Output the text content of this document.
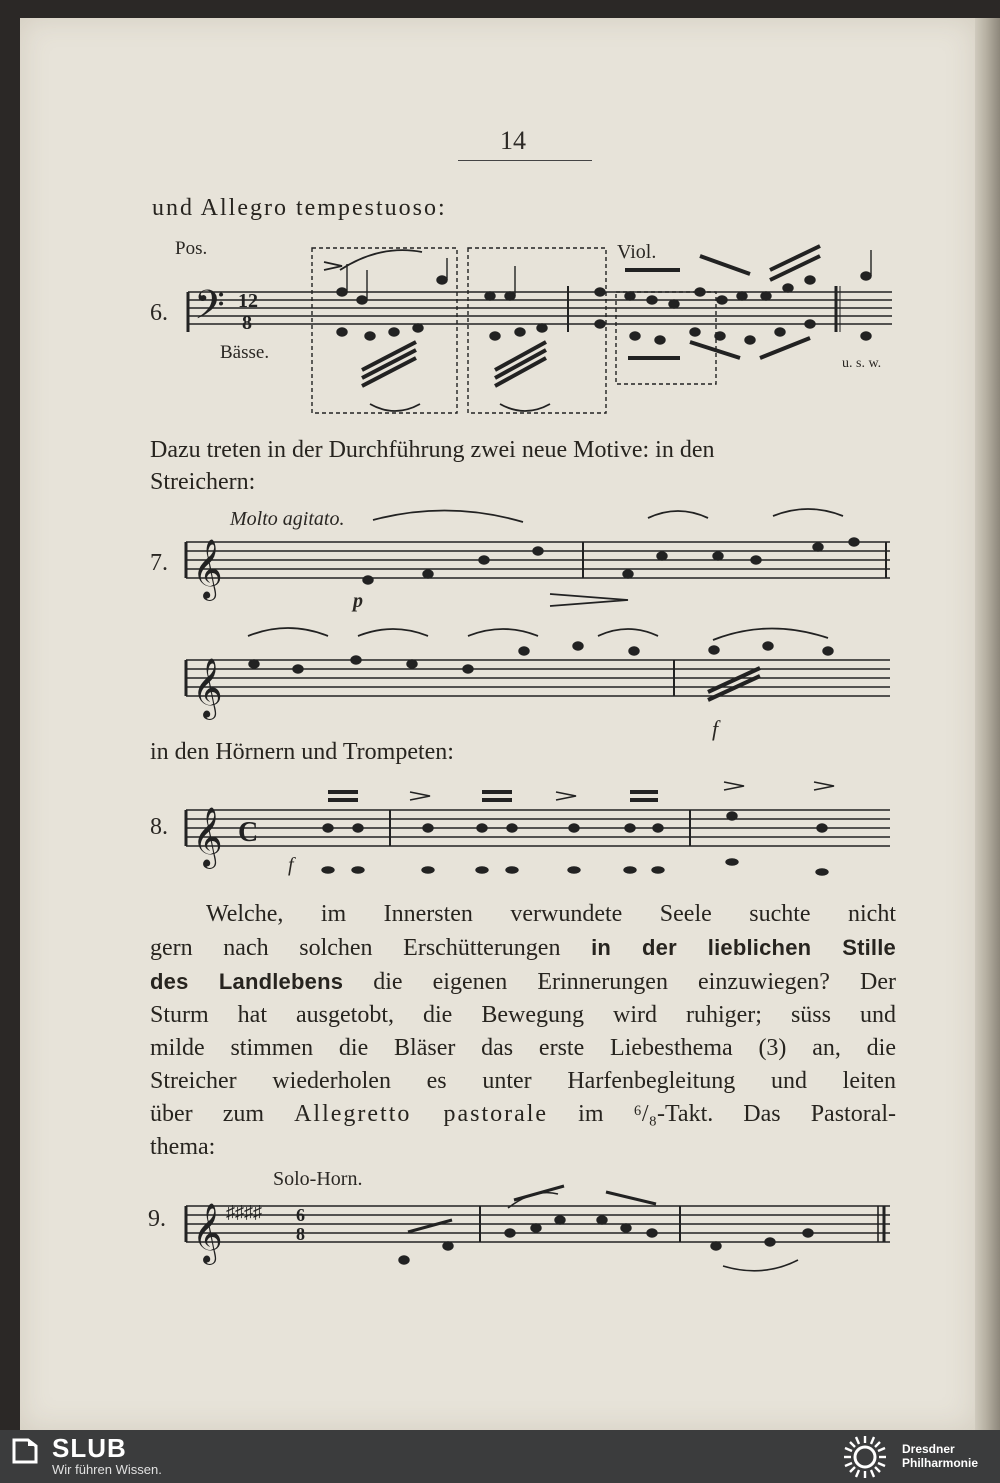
14
und Allegro tempestuoso:
Pos.
Bässe.
Viol.
u. s. w.
6. 𝄢 12
8
Dazu treten in der Durchführung zwei neue Motive: in den
Streichern:
Molto agitato.
7.
p
f
𝄞
𝄞
in den Hörnern und Trompeten:
8.
f
𝄞 C
Welche, im Innersten verwundete Seele suchte nicht
gern nach solchen Erschütterungen in der lieblichen Stille
des Landlebens die eigenen Erinnerungen einzuwiegen? Der
Sturm hat ausgetobt, die Bewegung wird ruhiger; süss und
milde stimmen die Bläser das erste Liebesthema (3) an, die
Streicher wiederholen es unter Harfenbegleitung und leiten
über zum Allegretto pastorale im ⁶/₈-Takt. Das Pastoral-
thema:
Solo-Horn.
9. 𝄞 ♯♯♯♯ 6
8
SLUB
Wir führen Wissen.
Dresdner
Philharmonie
